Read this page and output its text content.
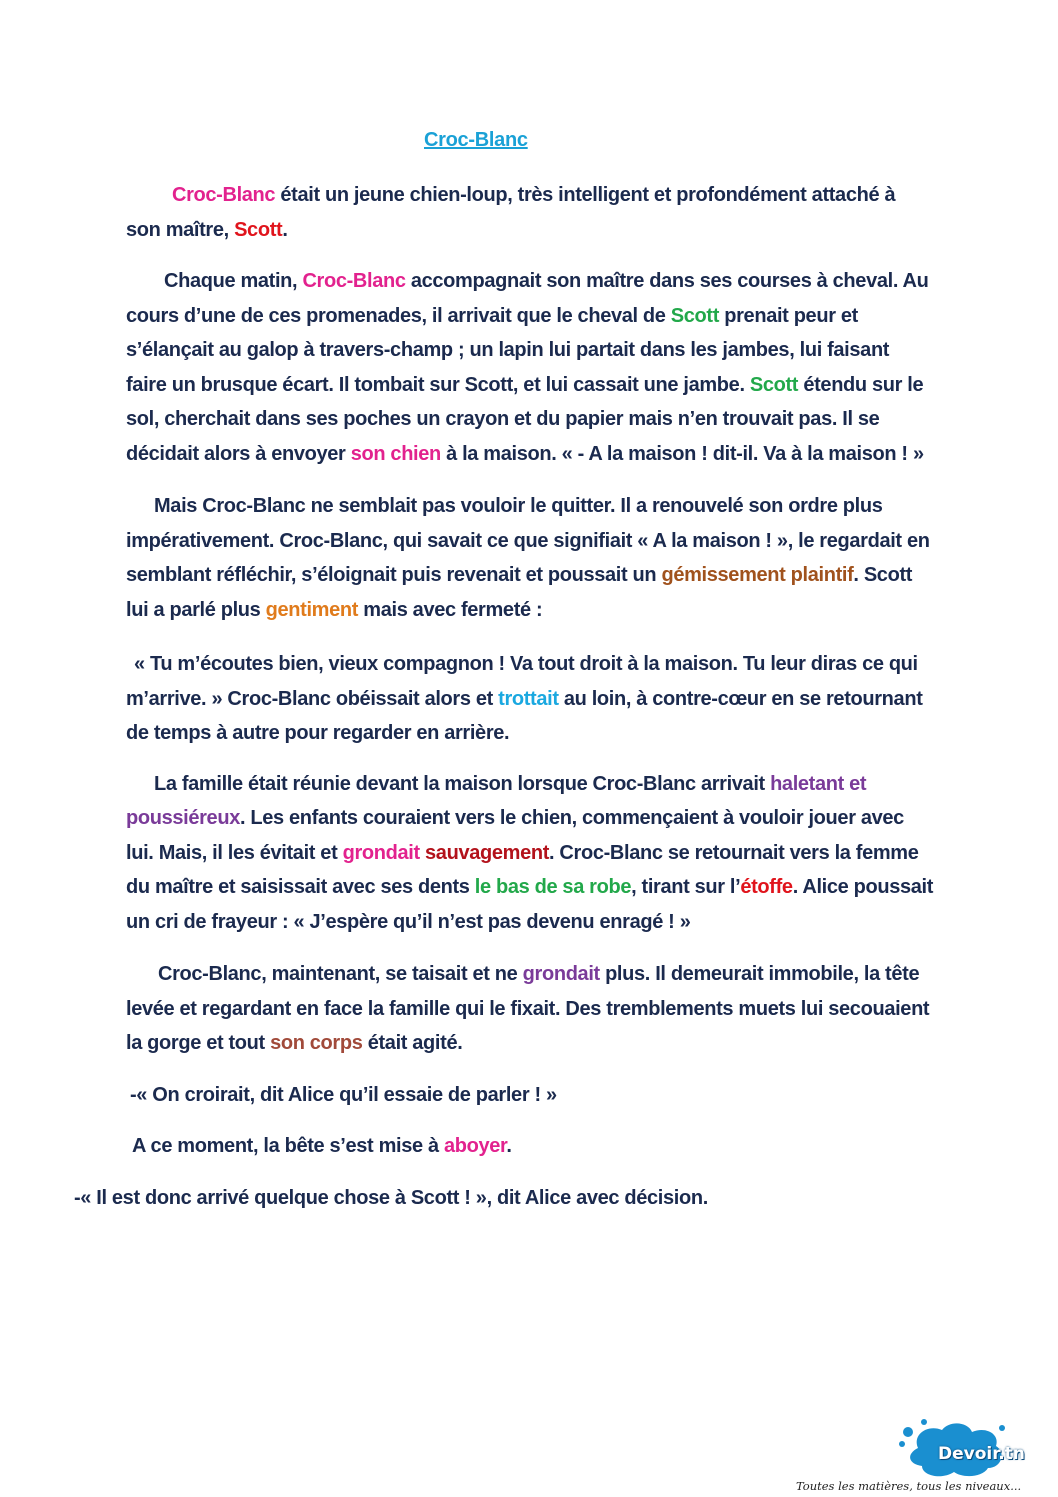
Croc-Blanc

Croc-Blanc était un jeune chien-loup, très intelligent et profondément attaché à son maître, Scott.

Chaque matin, Croc-Blanc accompagnait son maître dans ses courses à cheval. Au cours d’une de ces promenades, il arrivait que le cheval de Scott prenait peur et s’élançait au galop à travers-champ ; un lapin lui partait dans les jambes, lui faisant faire un brusque écart. Il tombait sur Scott, et lui cassait une jambe. Scott étendu sur le sol, cherchait dans ses poches un crayon et du papier mais n’en trouvait pas. Il se décidait alors à envoyer son chien à la maison. « - A la maison ! dit-il. Va à la maison ! »

Mais Croc-Blanc ne semblait pas vouloir le quitter. Il a renouvelé son ordre plus impérativement. Croc-Blanc, qui savait ce que signifiait « A la maison ! », le regardait en semblant réfléchir, s’éloignait puis revenait et poussait un gémissement plaintif. Scott lui a parlé plus gentiment mais avec fermeté :

« Tu m’écoutes bien, vieux compagnon ! Va tout droit à la maison. Tu leur diras ce qui m’arrive. » Croc-Blanc obéissait alors et trottait au loin, à contre-cœur en se retournant de temps à autre pour regarder en arrière.

La famille était réunie devant la maison lorsque Croc-Blanc arrivait haletant et poussiéreux. Les enfants couraient vers le chien, commençaient à vouloir jouer avec lui. Mais, il les évitait et grondait sauvagement. Croc-Blanc se retournait vers la femme du maître et saisissait avec ses dents le bas de sa robe, tirant sur l’étoffe. Alice poussait un cri de frayeur : « J’espère qu’il n’est pas devenu enragé ! »

Croc-Blanc, maintenant, se taisait et ne grondait plus. Il demeurait immobile, la tête levée et regardant en face la famille qui le fixait. Des tremblements muets lui secouaient la gorge et tout son corps était agité.

-« On croirait, dit Alice qu’il essaie de parler ! »

A ce moment, la bête s’est mise à aboyer.

-« Il est donc arrivé quelque chose à Scott ! », dit Alice avec décision.

Devoir.tn
Toutes les matières, tous les niveaux...
